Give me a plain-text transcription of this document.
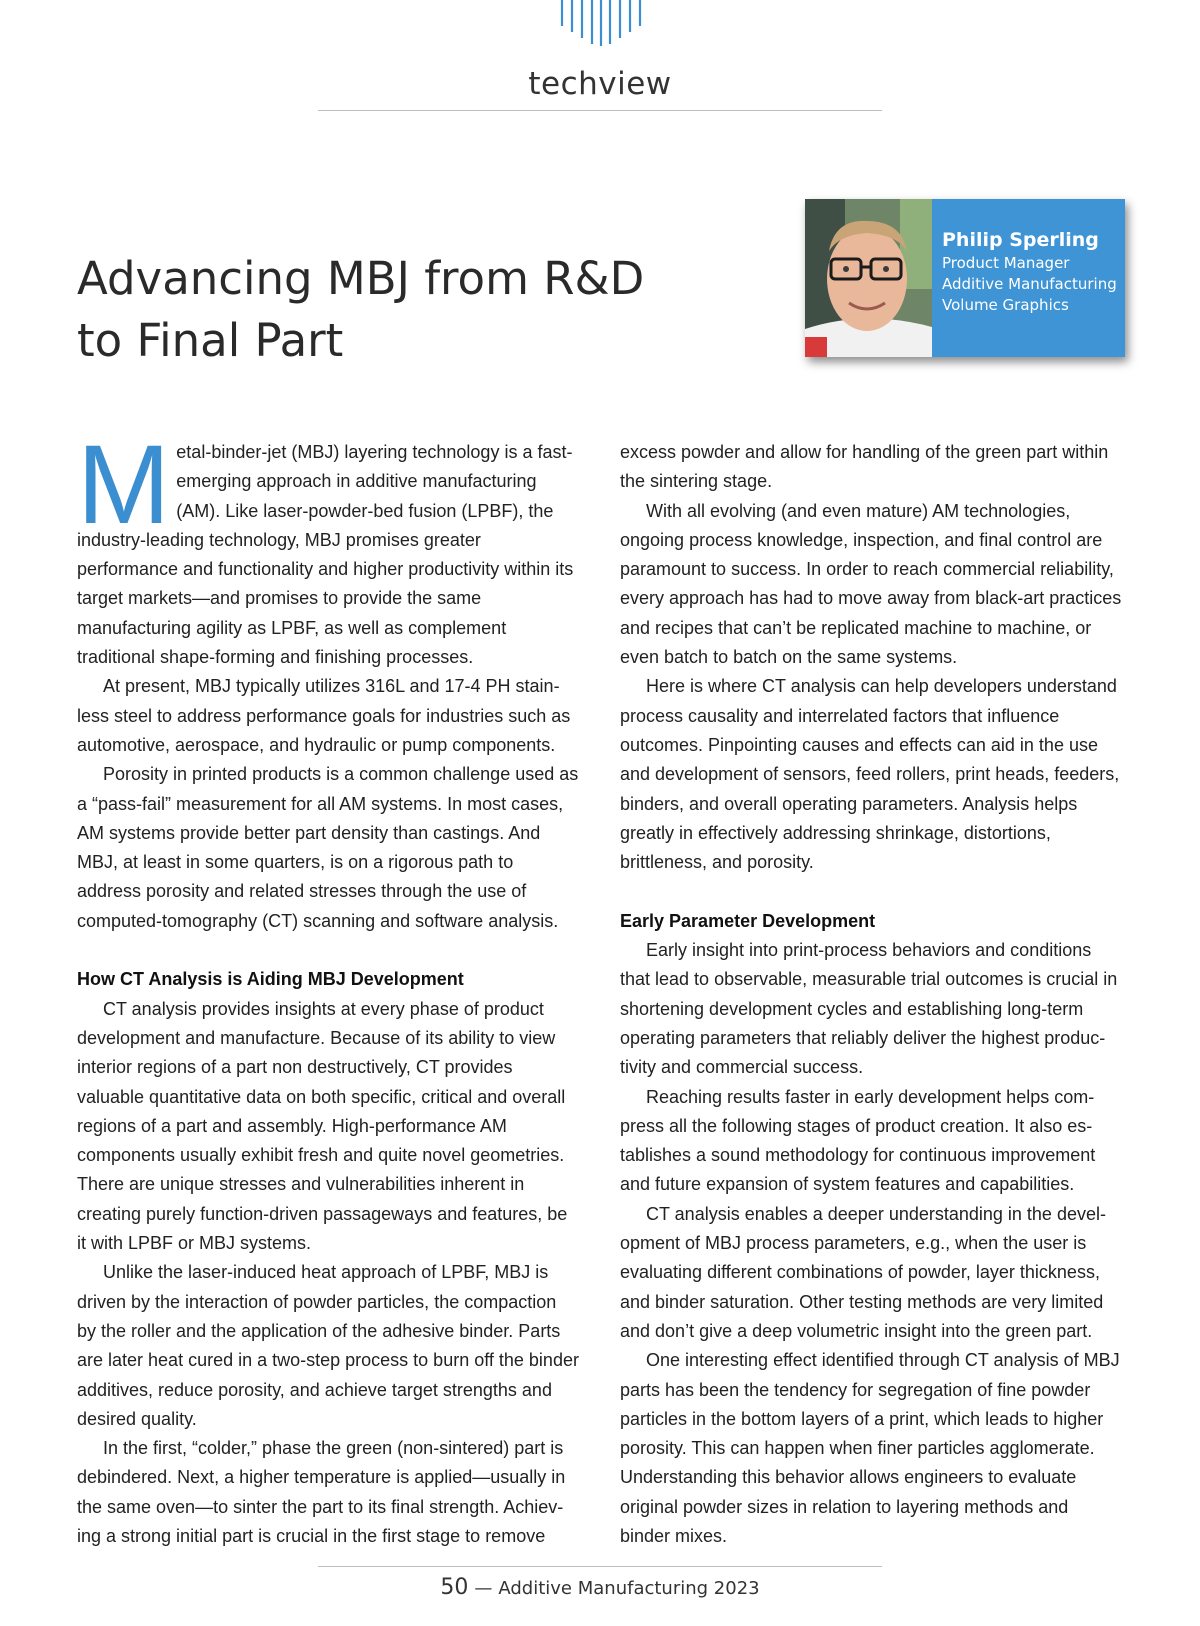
techview
Advancing MBJ from R&D
to Final Part
Philip Sperling
Product Manager
Additive Manufacturing
Volume Graphics
M etal-binder-jet (MBJ) layering technology is a fast-emerging approach in additive manufacturing (AM). Like laser-powder-bed fusion (LPBF), the industry-leading technology, MBJ promises greater performance and functionality and higher productivity within its target markets—and promises to provide the same manufacturing agility as LPBF, as well as complement traditional shape-forming and finishing processes.

At present, MBJ typically utilizes 316L and 17-4 PH stainless steel to address performance goals for industries such as automotive, aerospace, and hydraulic or pump components.

Porosity in printed products is a common challenge used as a “pass-fail” measurement for all AM systems. In most cases, AM systems provide better part density than castings. And MBJ, at least in some quarters, is on a rigorous path to address porosity and related stresses through the use of computed-tomography (CT) scanning and software analysis.

How CT Analysis is Aiding MBJ Development

CT analysis provides insights at every phase of product development and manufacture. Because of its ability to view interior regions of a part non destructively, CT provides valuable quantitative data on both specific, critical and overall regions of a part and assembly. High-performance AM components usually exhibit fresh and quite novel geometries. There are unique stresses and vulnerabilities inherent in creating purely function-driven passageways and features, be it with LPBF or MBJ systems.

Unlike the laser-induced heat approach of LPBF, MBJ is driven by the interaction of powder particles, the compaction by the roller and the application of the adhesive binder. Parts are later heat cured in a two-step process to burn off the binder additives, reduce porosity, and achieve target strengths and desired quality.

In the first, “colder,” phase the green (non-sintered) part is debindered. Next, a higher temperature is applied—usually in the same oven—to sinter the part to its final strength. Achieving a strong initial part is crucial in the first stage to remove

excess powder and allow for handling of the green part within the sintering stage.

With all evolving (and even mature) AM technologies, ongoing process knowledge, inspection, and final control are paramount to success. In order to reach commercial reliability, every approach has had to move away from black-art practices and recipes that can’t be replicated machine to machine, or even batch to batch on the same systems.

Here is where CT analysis can help developers understand process causality and interrelated factors that influence outcomes. Pinpointing causes and effects can aid in the use and development of sensors, feed rollers, print heads, feeders, binders, and overall operating parameters. Analysis helps greatly in effectively addressing shrinkage, distortions, brittleness, and porosity.

Early Parameter Development

Early insight into print-process behaviors and conditions that lead to observable, measurable trial outcomes is crucial in shortening development cycles and establishing long-term operating parameters that reliably deliver the highest productivity and commercial success.

Reaching results faster in early development helps compress all the following stages of product creation. It also establishes a sound methodology for continuous improvement and future expansion of system features and capabilities.

CT analysis enables a deeper understanding in the development of MBJ process parameters, e.g., when the user is evaluating different combinations of powder, layer thickness, and binder saturation. Other testing methods are very limited and don’t give a deep volumetric insight into the green part.

One interesting effect identified through CT analysis of MBJ parts has been the tendency for segregation of fine powder particles in the bottom layers of a print, which leads to higher porosity. This can happen when finer particles agglomerate. Understanding this behavior allows engineers to evaluate original powder sizes in relation to layering methods and binder mixes.

50 — Additive Manufacturing 2023
